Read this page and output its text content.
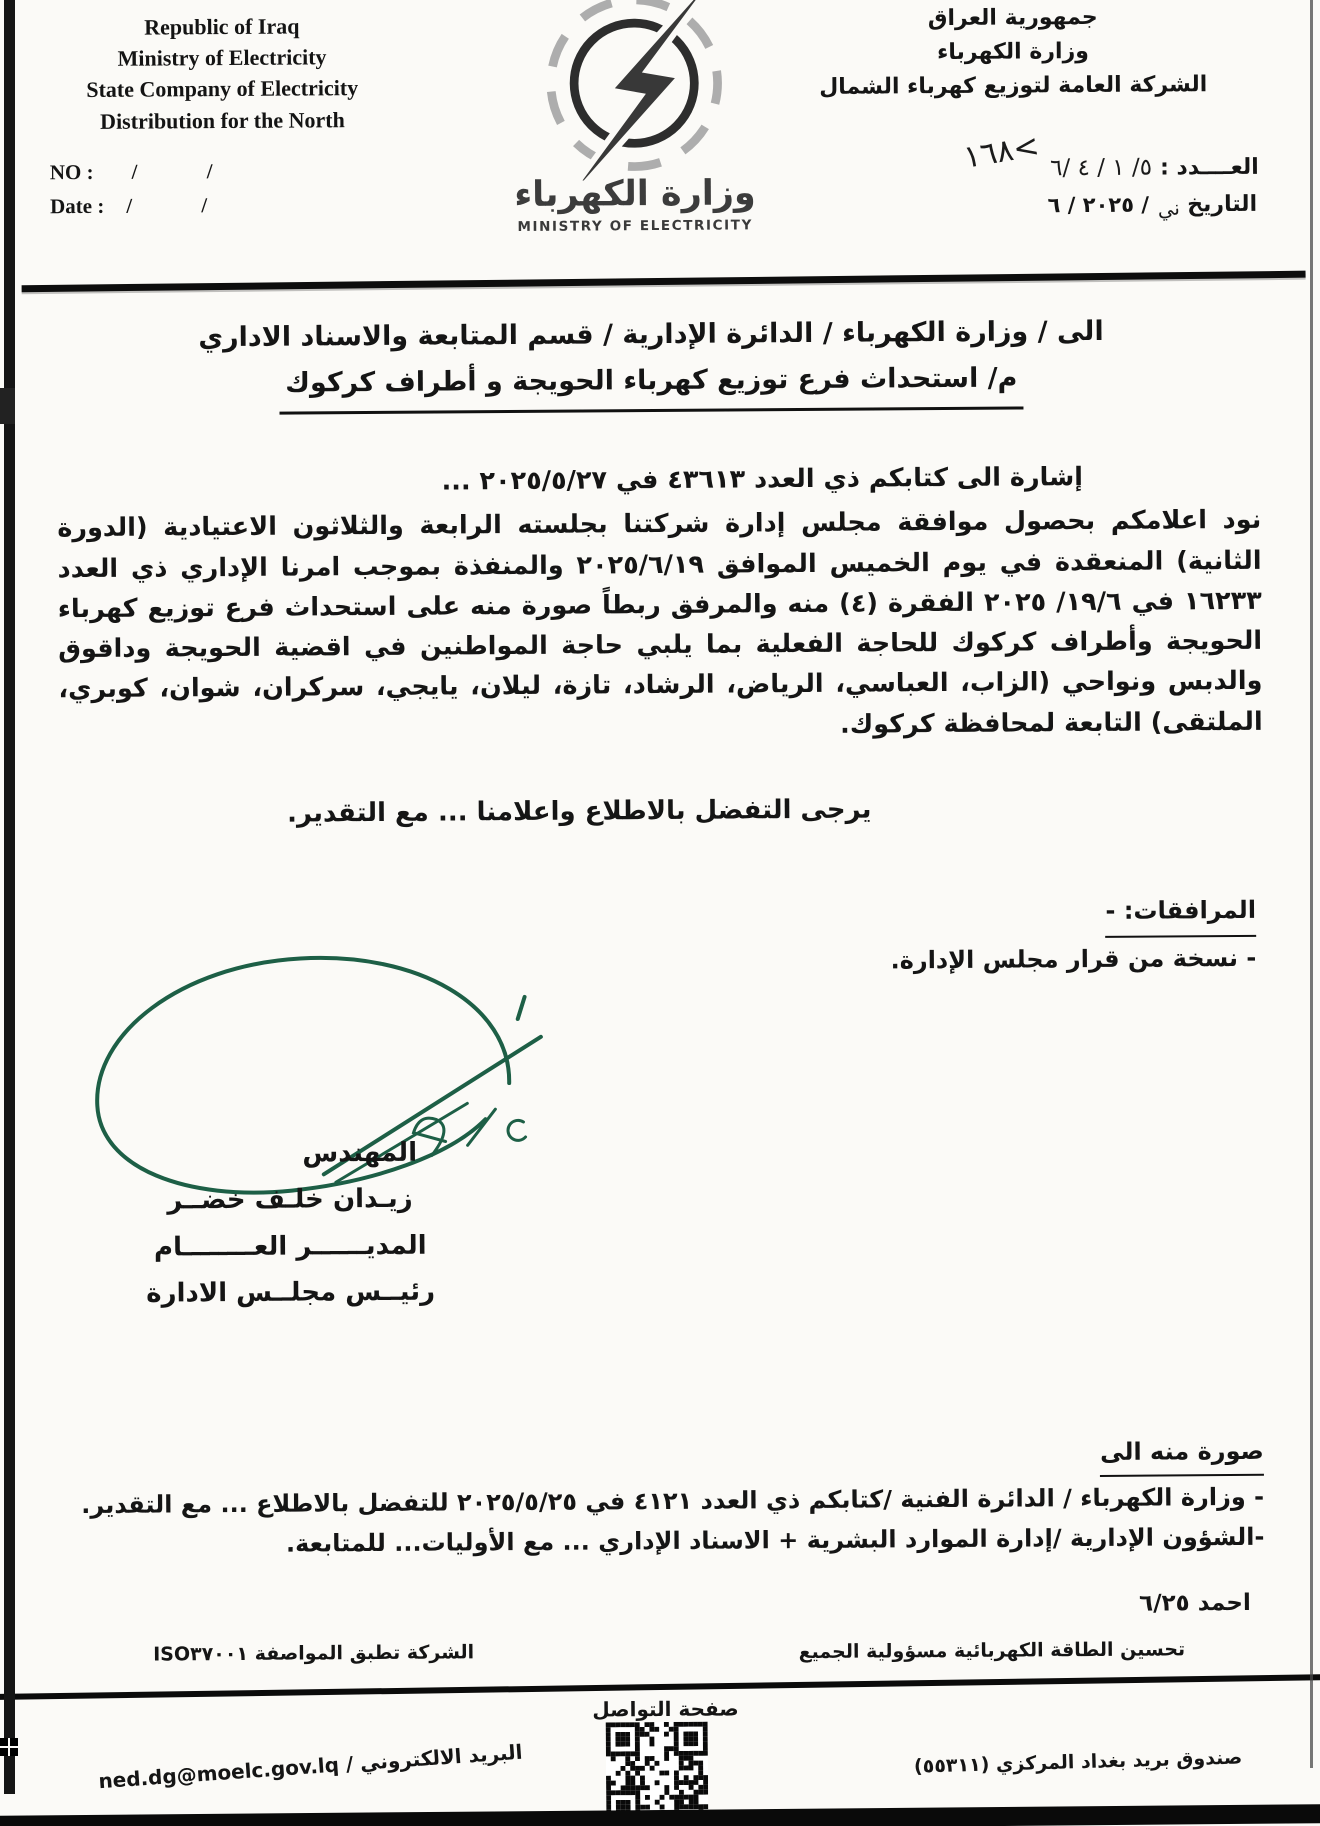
Republic of Iraq
Ministry of Electricity
State Company of Electricity
Distribution for the North
وزارة الكهرباء
MINISTRY OF ELECTRICITY
جمهورية العراق
وزارة الكهرباء
الشركة العامة لتوزيع كهرباء الشمال
NO : / /
Date : / /
١٦٨<
٥/ ١ / ٤ /٦ العــــدد :
٢٠٢٥ / ٦ / ني التاريخ
الى / وزارة الكهرباء / الدائرة الإدارية / قسم المتابعة والاسناد الاداري
م/ استحداث فرع توزيع كهرباء الحويجة و أطراف كركوك
إشارة الى كتابكم ذي العدد ٤٣٦١٣ في ٢٠٢٥/٥/٢٧ ...
نود اعلامكم بحصول موافقة مجلس إدارة شركتنا بجلسته الرابعة والثلاثون الاعتيادية (الدورة الثانية) المنعقدة في يوم الخميس الموافق ٢٠٢٥/٦/١٩ والمنفذة بموجب امرنا الإداري ذي العدد ١٦٢٣٣ في ١٩/٦/ ٢٠٢٥ الفقرة (٤) منه والمرفق ربطاً صورة منه على استحداث فرع توزيع كهرباء الحويجة وأطراف كركوك للحاجة الفعلية بما يلبي حاجة المواطنين في اقضية الحويجة وداقوق والدبس ونواحي (الزاب، العباسي، الرياض، الرشاد، تازة، ليلان، يايجي، سركران، شوان، كوبري، الملتقى) التابعة لمحافظة كركوك.
يرجى التفضل بالاطلاع واعلامنا ... مع التقدير.
المرافقات: -
- نسخة من قرار مجلس الإدارة.
المهندس
زيـدان خلـف خضــر
المديــــــر العــــــــام
رئيــس مجلــس الادارة
صورة منه الى
- وزارة الكهرباء / الدائرة الفنية /كتابكم ذي العدد ٤١٢١ في ٢٠٢٥/٥/٢٥ للتفضل بالاطلاع ... مع التقدير.
-الشؤون الإدارية /إدارة الموارد البشرية + الاسناد الإداري ... مع الأوليات... للمتابعة.
احمد ٦/٢٥
تحسين الطاقة الكهربائية مسؤولية الجميع
الشركة تطبق المواصفة ISO٣٧٠٠١
صفحة التواصل
البريد الالكتروني / ned.dg@moelc.gov.lq	صندوق بريد بغداد المركزي (٥٥٣١١)
